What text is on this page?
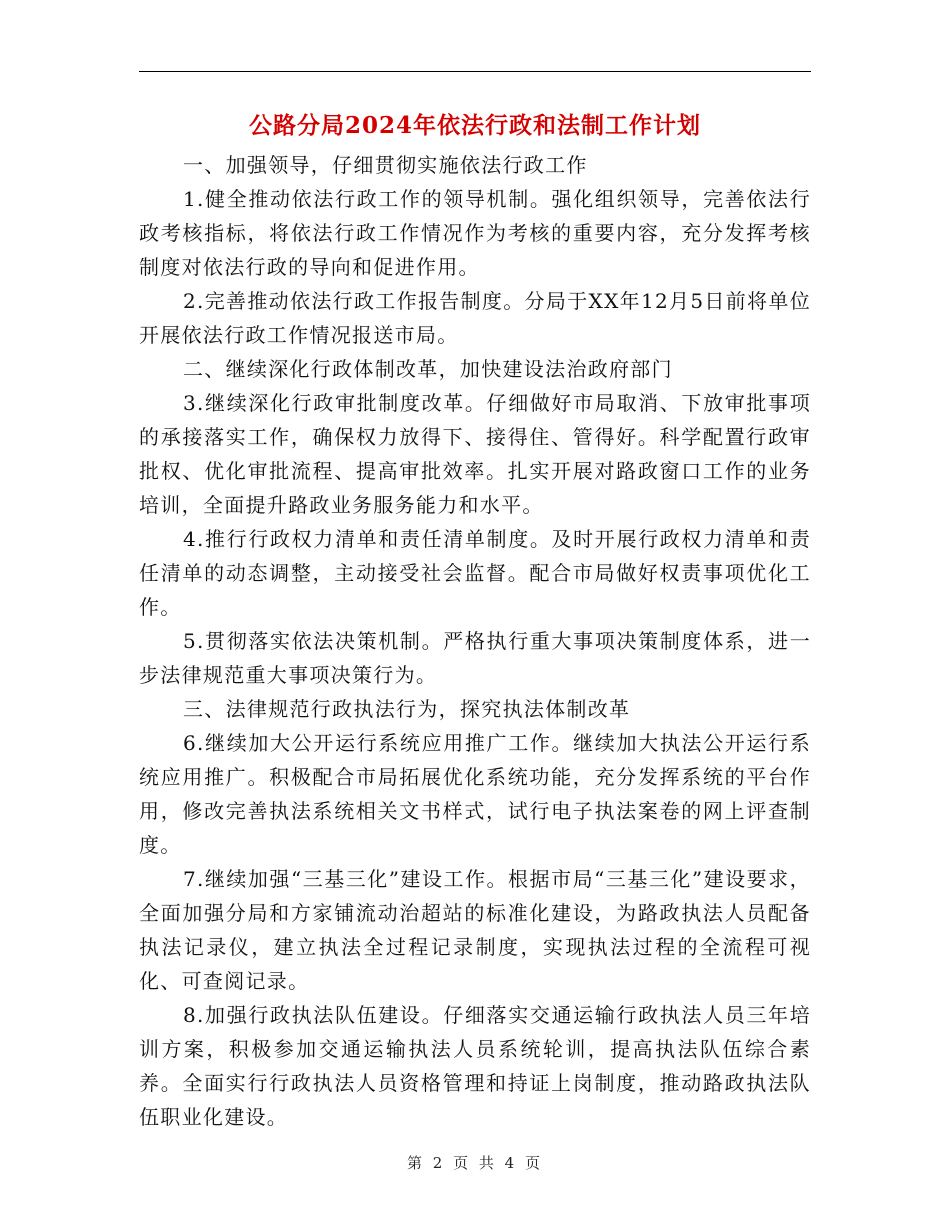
公路分局2024年依法行政和法制工作计划

一、加强领导，仔细贯彻实施依法行政工作

1.健全推动依法行政工作的领导机制。强化组织领导，完善依法行政考核指标，将依法行政工作情况作为考核的重要内容，充分发挥考核制度对依法行政的导向和促进作用。

2.完善推动依法行政工作报告制度。分局于XX年12月5日前将单位开展依法行政工作情况报送市局。

二、继续深化行政体制改革，加快建设法治政府部门

3.继续深化行政审批制度改革。仔细做好市局取消、下放审批事项的承接落实工作，确保权力放得下、接得住、管得好。科学配置行政审批权、优化审批流程、提高审批效率。扎实开展对路政窗口工作的业务培训，全面提升路政业务服务能力和水平。

4.推行行政权力清单和责任清单制度。及时开展行政权力清单和责任清单的动态调整，主动接受社会监督。配合市局做好权责事项优化工作。

5.贯彻落实依法决策机制。严格执行重大事项决策制度体系，进一步法律规范重大事项决策行为。

三、法律规范行政执法行为，探究执法体制改革

6.继续加大公开运行系统应用推广工作。继续加大执法公开运行系统应用推广。积极配合市局拓展优化系统功能，充分发挥系统的平台作用，修改完善执法系统相关文书样式，试行电子执法案卷的网上评查制度。

7.继续加强“三基三化”建设工作。根据市局“三基三化”建设要求，全面加强分局和方家铺流动治超站的标准化建设，为路政执法人员配备执法记录仪，建立执法全过程记录制度，实现执法过程的全流程可视化、可查阅记录。

8.加强行政执法队伍建设。仔细落实交通运输行政执法人员三年培训方案，积极参加交通运输执法人员系统轮训，提高执法队伍综合素养。全面实行行政执法人员资格管理和持证上岗制度，推动路政执法队伍职业化建设。

第 2 页 共 4 页
